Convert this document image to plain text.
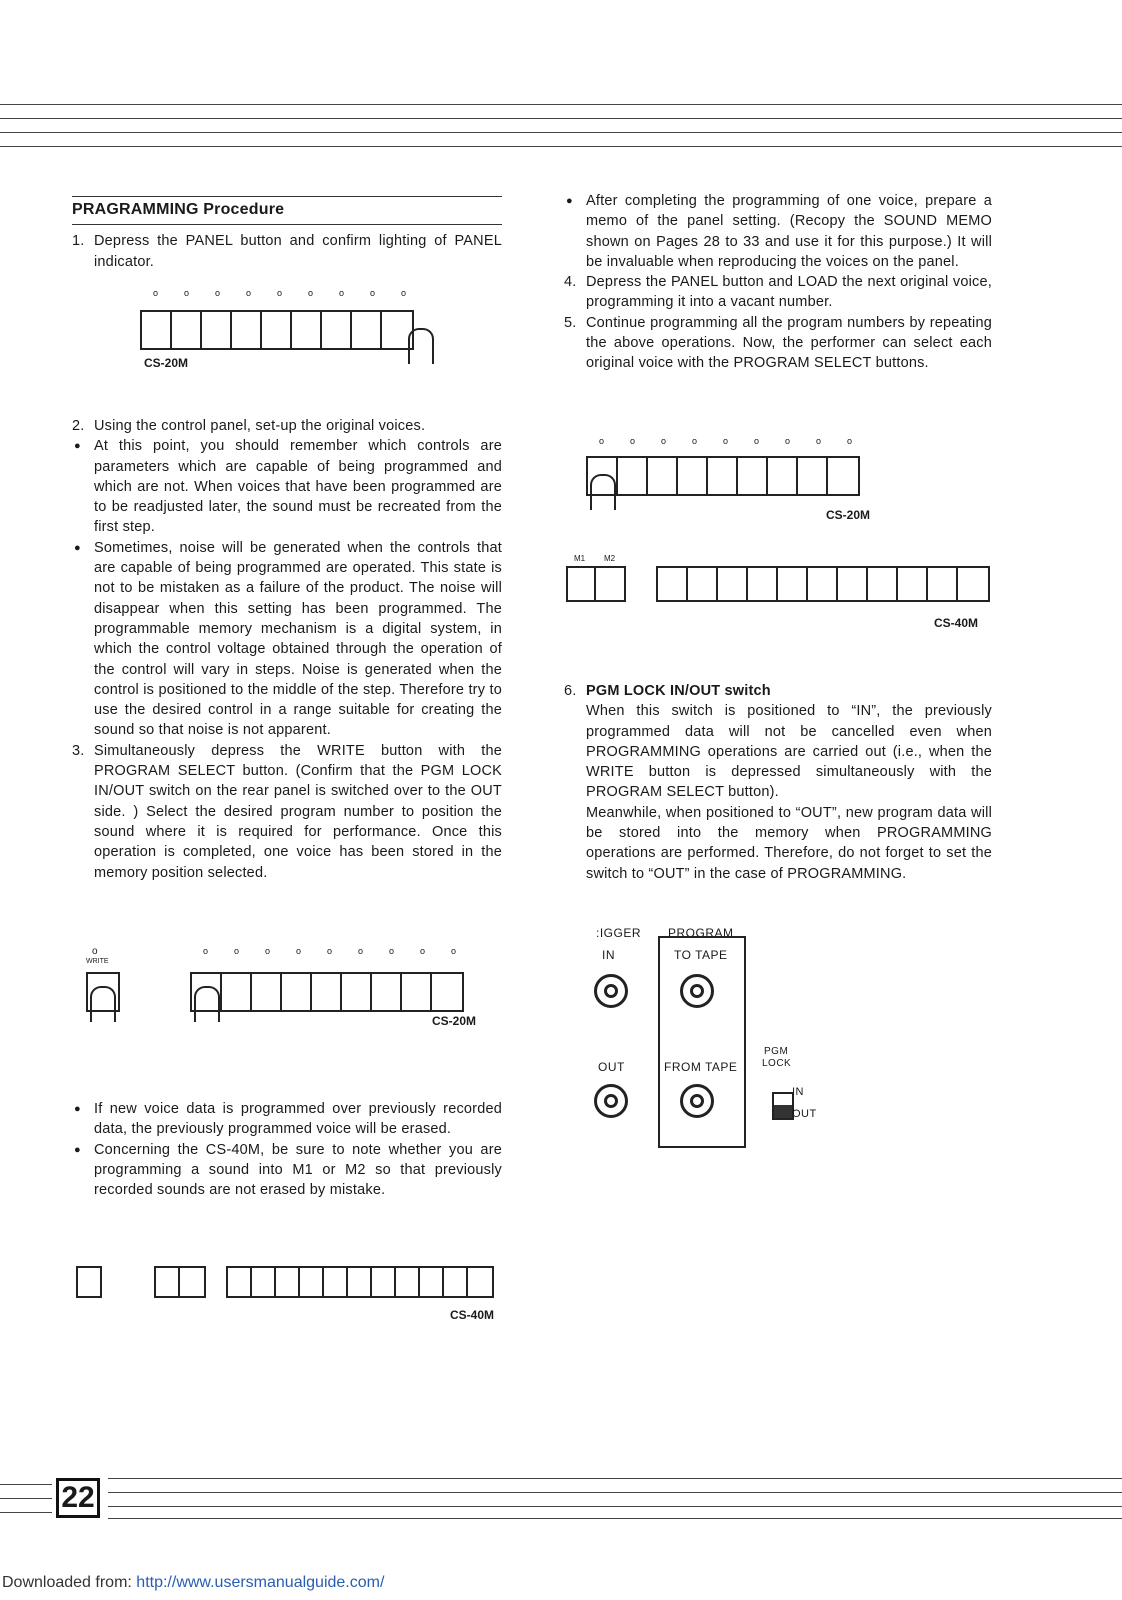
PRAGRAMMING Procedure

1. Depress the PANEL button and confirm lighting of PANEL indicator.

o	o	o	o	o	o	o	o	o
CS-20M

2. Using the control panel, set-up the original voices.

● At this point, you should remember which controls are parameters which are capable of being programmed and which are not. When voices that have been programmed are to be readjusted later, the sound must be recreated from the first step.

● Sometimes, noise will be generated when the controls that are capable of being programmed are operated. This state is not to be mistaken as a failure of the product. The noise will disappear when this setting has been programmed. The programmable memory mechanism is a digital system, in which the control voltage obtained through the operation of the control will vary in steps. Noise is generated when the control is positioned to the middle of the step. Therefore try to use the desired control in a range suitable for creating the sound so that noise is not apparent.

3. Simultaneously depress the WRITE button with the PROGRAM SELECT button. (Confirm that the PGM LOCK IN/OUT switch on the rear panel is switched over to the OUT side. ) Select the desired program number to position the sound where it is required for performance. Once this operation is completed, one voice has been stored in the memory position selected.

o
WRITE
o	o	o	o	o	o	o	o	o
CS-20M

● If new voice data is programmed over previously recorded data, the previously programmed voice will be erased.

● Concerning the CS-40M, be sure to note whether you are programming a sound into M1 or M2 so that previously recorded sounds are not erased by mistake.

CS-40M

● After completing the programming of one voice, prepare a memo of the panel setting. (Recopy the SOUND MEMO shown on Pages 28 to 33 and use it for this purpose.) It will be invaluable when reproducing the voices on the panel.

4. Depress the PANEL button and LOAD the next original voice, programming it into a vacant number.

5. Continue programming all the program numbers by repeating the above operations. Now, the performer can select each original voice with the PROGRAM SELECT buttons.

o	o	o	o	o	o	o	o	o
CS-20M
M1 M2
CS-40M

6. PGM LOCK IN/OUT switch

When this switch is positioned to “IN”, the previously programmed data will not be cancelled even when PROGRAMMING operations are carried out (i.e., when the WRITE button is depressed simultaneously with the PROGRAM SELECT button).

Meanwhile, when positioned to “OUT”, new program data will be stored into the memory when PROGRAMMING operations are performed. Therefore, do not forget to set the switch to “OUT” in the case of PROGRAMMING.

:IGGER PROGRAM
IN	TO TAPE
OUT	FROM TAPE
PGM
LOCK
IN
OUT
22
Downloaded from: http://www.usersmanualguide.com/
